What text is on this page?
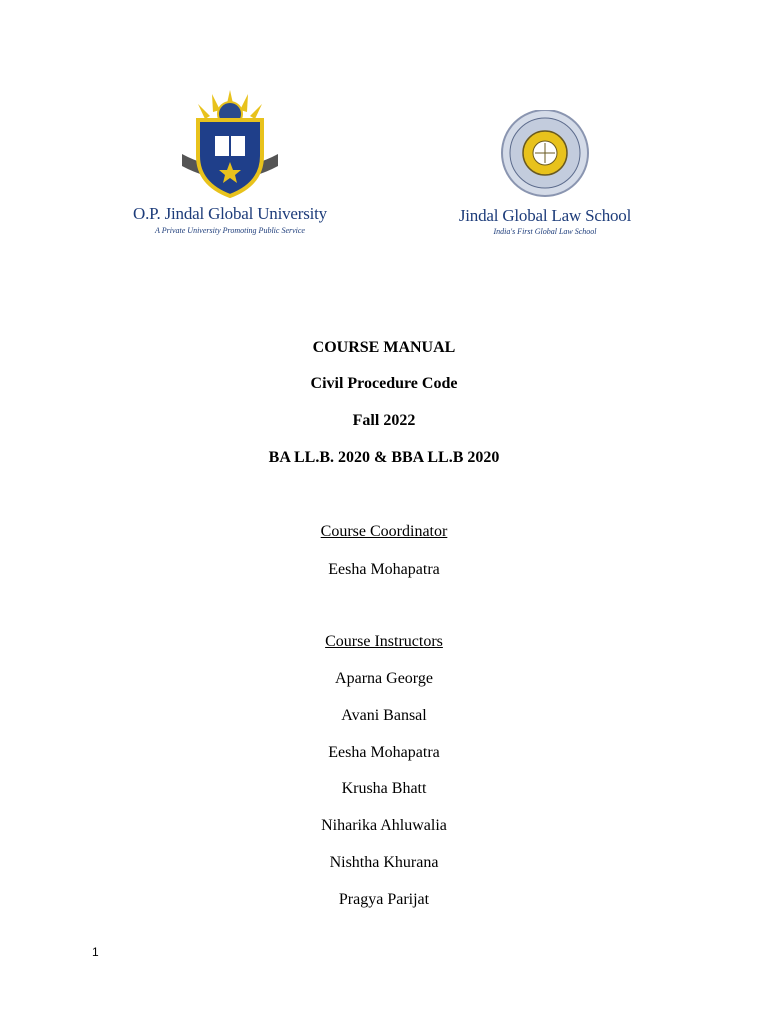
O.P. Jindal Global University
A Private University Promoting Public Service
Jindal Global Law School
India's First Global Law School
COURSE MANUAL
Civil Procedure Code
Fall 2022
BA LL.B. 2020 & BBA LL.B 2020
Course Coordinator
Eesha Mohapatra
Course Instructors
Aparna George
Avani Bansal
Eesha Mohapatra
Krusha Bhatt
Niharika Ahluwalia
Nishtha Khurana
Pragya Parijat
1
